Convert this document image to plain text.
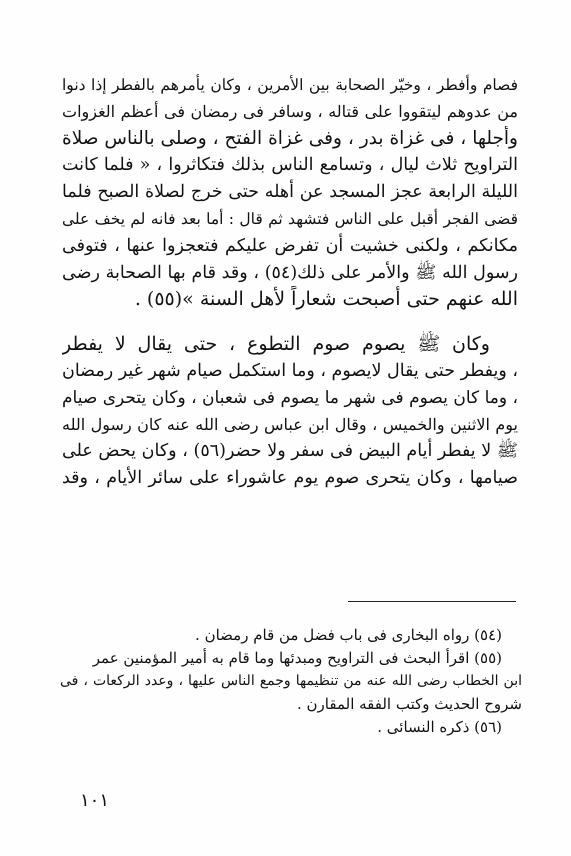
فصام وأفطر ، وخيّر الصحابة بين الأمرين ، وكان يأمرهم بالفطر إذا دنوا
من عدوهم ليتقووا على قتاله ، وسافر فى رمضان فى أعظم الغزوات
وأجلها ، فى غزاة بدر ، وفى غزاة الفتح ، وصلى بالناس صلاة
التراويح ثلاث ليال ، وتسامع الناس بذلك فتكاثروا ، « فلما كانت
الليلة الرابعة عجز المسجد عن أهله حتى خرج لصلاة الصبح فلما
قضى الفجر أقبل على الناس فتشهد ثم قال : أما بعد فانه لم يخف على
مكانكم ، ولكنى خشيت أن تفرض عليكم فتعجزوا عنها ، فتوفى
رسول الله ﷺ والأمر على ذلك(٥٤) ، وقد قام بها الصحابة رضى
الله عنهم حتى أصبحت شعاراً لأهل السنة »(٥٥) .

وكان ﷺ يصوم صوم التطوع ، حتى يقال لا يفطر
، ويفطر حتى يقال لايصوم ، وما استكمل صيام شهر غير رمضان
، وما كان يصوم فى شهر ما يصوم فى شعبان ، وكان يتحرى صيام
يوم الاثنين والخميس ، وقال ابن عباس رضى الله عنه كان رسول الله
ﷺ لا يفطر أيام البيض فى سفر ولا حضر(٥٦) ، وكان يحض على
صيامها ، وكان يتحرى صوم يوم عاشوراء على سائر الأيام ، وقد

(٥٤) رواه البخارى فى باب فضل من قام رمضان .
(٥٥) اقرأ البحث فى التراويح ومبدئها وما قام به أمير المؤمنين عمر
ابن الخطاب رضى الله عنه من تنظيمها وجمع الناس عليها ، وعدد الركعات ، فى
شروح الحديث وكتب الفقه المقارن .
(٥٦) ذكره النسائى .
١٠١
